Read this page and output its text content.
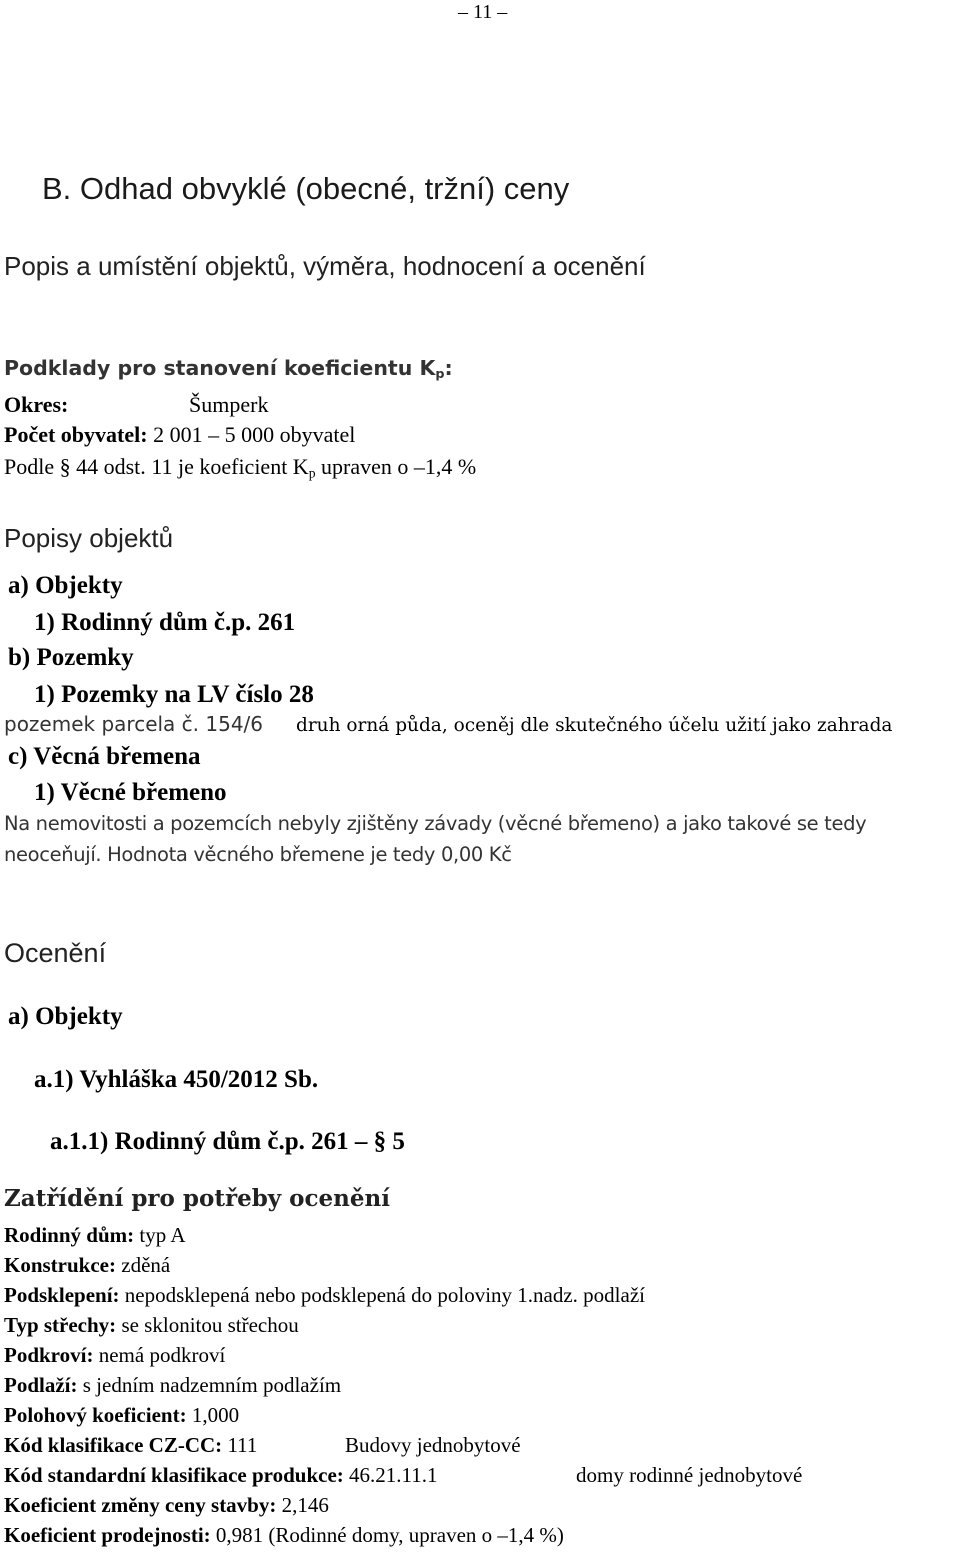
– 11 –
B. Odhad obvyklé (obecné, tržní) ceny
Popis a umístění objektů, výměra, hodnocení a ocenění
Podklady pro stanovení koeficientu $K_p$:
Okres:	Šumperk
Počet obyvatel: 2 001 – 5 000 obyvatel
Podle § 44 odst. 11 je koeficient $K_p$ upraven o –1,4 %
Popisy objektů
a) Objekty
1) Rodinný dům č.p. 261
b) Pozemky
1) Pozemky na LV číslo 28
pozemek parcela č. 154/6 druh orná půda, oceněj dle skutečného účelu užití jako zahrada
c) Věcná břemena
1) Věcné břemeno
Na nemovitosti a pozemcích nebyly zjištěny závady (věcné břemeno) a jako takové se tedy
neoceňují. Hodnota věcného břemene je tedy 0,00 Kč
Ocenění
a) Objekty
a.1) Vyhláška 450/2012 Sb.
a.1.1) Rodinný dům č.p. 261 – § 5
Zatřídění pro potřeby ocenění
Rodinný dům: typ A
Konstrukce: zděná
Podsklepení: nepodsklepená nebo podsklepená do poloviny 1.nadz. podlaží
Typ střechy: se sklonitou střechou
Podkroví: nemá podkroví
Podlaží: s jedním nadzemním podlažím
Polohový koeficient: 1,000
Kód klasifikace CZ-CC: 111	Budovy jednobytové
Kód standardní klasifikace produkce: 46.21.11.1	domy rodinné jednobytové
Koeficient změny ceny stavby: 2,146
Koeficient prodejnosti: 0,981 (Rodinné domy, upraven o –1,4 %)
